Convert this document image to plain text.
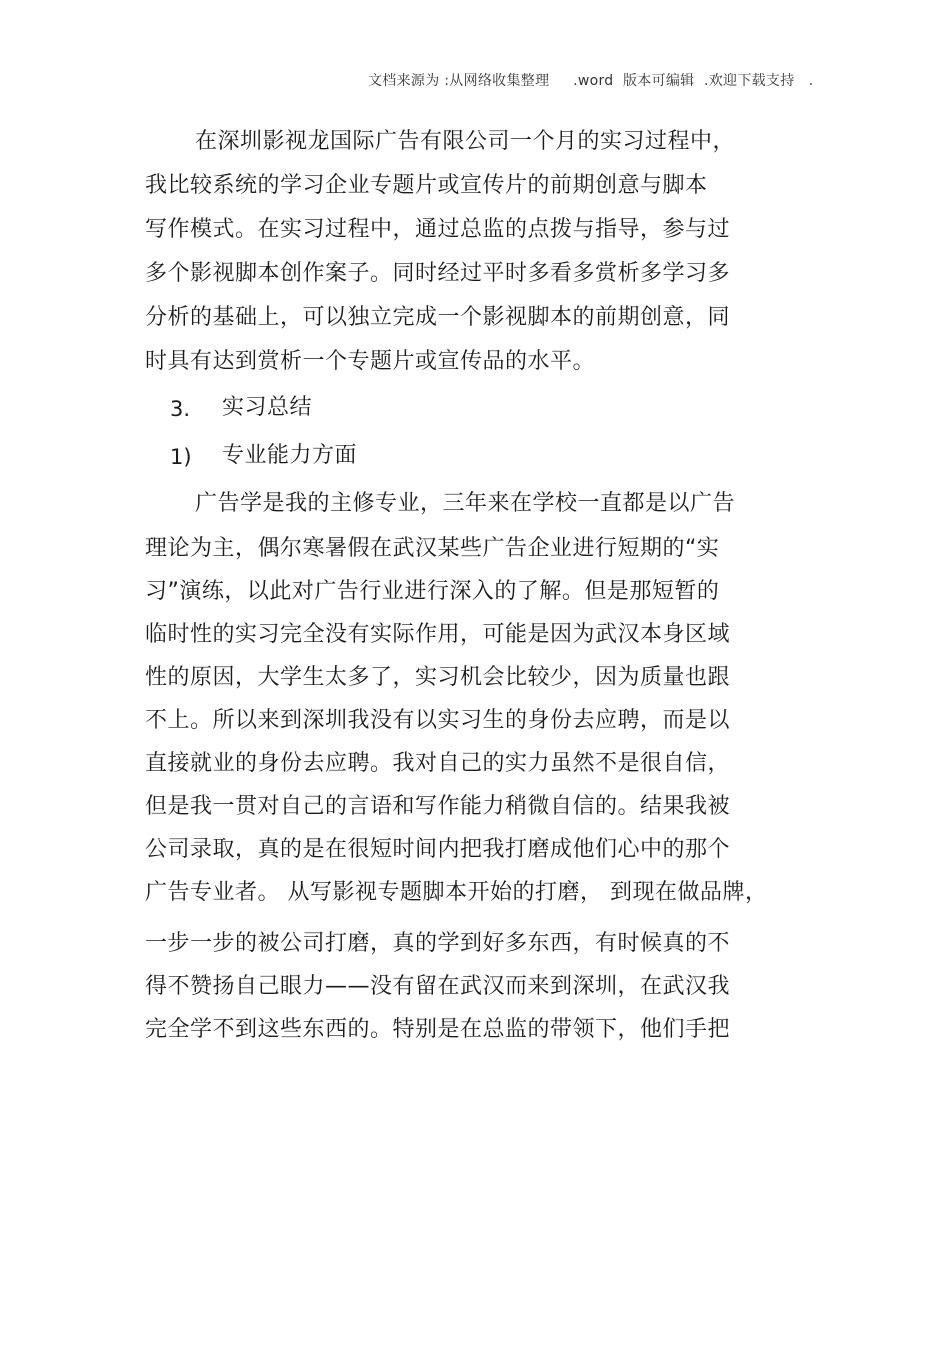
文档来源为 :从网络收集整理     .word  版本可编辑  .欢迎下载支持   .
在深圳影视龙国际广告有限公司一个月的实习过程中，
我比较系统的学习企业专题片或宣传片的前期创意与脚本
写作模式。在实习过程中，通过总监的点拨与指导，参与过
多个影视脚本创作案子。同时经过平时多看多赏析多学习多
分析的基础上，可以独立完成一个影视脚本的前期创意，同
时具有达到赏析一个专题片或宣传品的水平。
3. 实习总结
1) 专业能力方面
广告学是我的主修专业，三年来在学校一直都是以广告
理论为主，偶尔寒暑假在武汉某些广告企业进行短期的“实
习”演练，以此对广告行业进行深入的了解。但是那短暂的
临时性的实习完全没有实际作用，可能是因为武汉本身区域
性的原因，大学生太多了，实习机会比较少，因为质量也跟
不上。所以来到深圳我没有以实习生的身份去应聘，而是以
直接就业的身份去应聘。我对自己的实力虽然不是很自信，
但是我一贯对自己的言语和写作能力稍微自信的。结果我被
公司录取，真的是在很短时间内把我打磨成他们心中的那个
广告专业者。 从写影视专题脚本开始的打磨， 到现在做品牌，
一步一步的被公司打磨，真的学到好多东西，有时候真的不
得不赞扬自己眼力——没有留在武汉而来到深圳，在武汉我
完全学不到这些东西的。特别是在总监的带领下，他们手把
